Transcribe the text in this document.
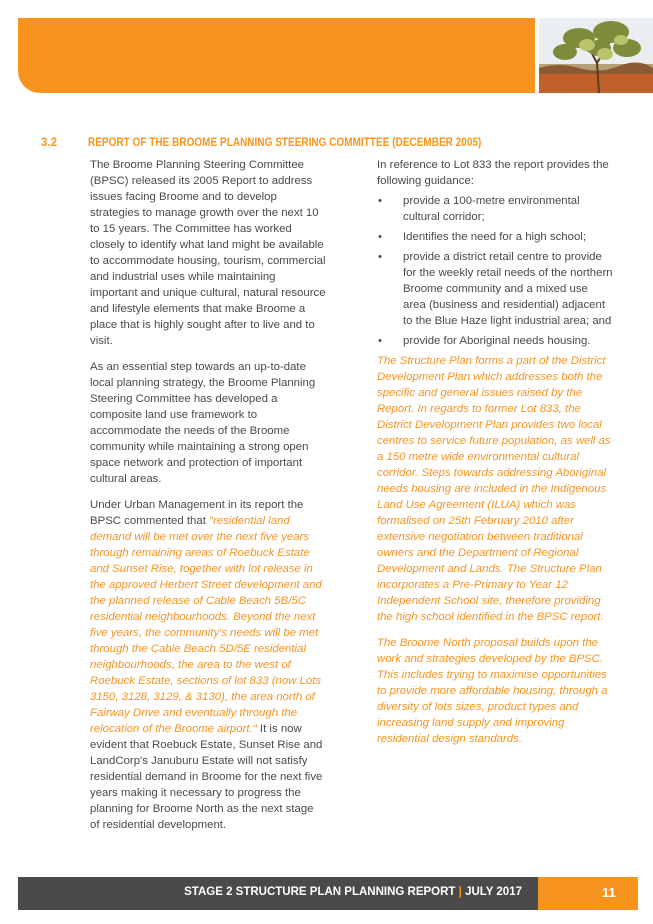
3.2	REPORT OF THE BROOME PLANNING STEERING COMMITTEE (DECEMBER 2005)

The Broome Planning Steering Committee (BPSC) released its 2005 Report to address issues facing Broome and to develop strategies to manage growth over the next 10 to 15 years. The Committee has worked closely to identify what land might be available to accommodate housing, tourism, commercial and industrial uses while maintaining important and unique cultural, natural resource and lifestyle elements that make Broome a place that is highly sought after to live and to visit.

As an essential step towards an up-to-date local planning strategy, the Broome Planning Steering Committee has developed a composite land use framework to accommodate the needs of the Broome community while maintaining a strong open space network and protection of important cultural areas.

Under Urban Management in its report the BPSC commented that "residential land demand will be met over the next five years through remaining areas of Roebuck Estate and Sunset Rise, together with lot release in the approved Herbert Street development and the planned release of Cable Beach 5B/5C residential neighbourhoods. Beyond the next five years, the community's needs will be met through the Cable Beach 5D/5E residential neighbourhoods, the area to the west of Roebuck Estate, sections of lot 833 (now Lots 3150, 3128, 3129, & 3130), the area north of Fairway Drive and eventually through the relocation of the Broome airport." It is now evident that Roebuck Estate, Sunset Rise and LandCorp's Januburu Estate will not satisfy residential demand in Broome for the next five years making it necessary to progress the planning for Broome North as the next stage of residential development.

In reference to Lot 833 the report provides the following guidance:

• provide a 100-metre environmental cultural corridor;
• Identifies the need for a high school;
• provide a district retail centre to provide for the weekly retail needs of the northern Broome community and a mixed use area (business and residential) adjacent to the Blue Haze light industrial area; and
• provide for Aboriginal needs housing.

The Structure Plan forms a part of the District Development Plan which addresses both the specific and general issues raised by the Report. In regards to former Lot 833, the District Development Plan provides two local centres to service future population, as well as a 150 metre wide environmental cultural corridor. Steps towards addressing Aboriginal needs housing are included in the Indigenous Land Use Agreement (ILUA) which was formalised on 25th February 2010 after extensive negotiation between traditional owners and the Department of Regional Development and Lands. The Structure Plan incorporates a Pre-Primary to Year 12 Independent School site, therefore providing the high school identified in the BPSC report.

The Broome North proposal builds upon the work and strategies developed by the BPSC. This includes trying to maximise opportunities to provide more affordable housing, through a diversity of lots sizes, product types and increasing land supply and improving residential design standards.

STAGE 2 STRUCTURE PLAN PLANNING REPORT | JULY 2017	11
